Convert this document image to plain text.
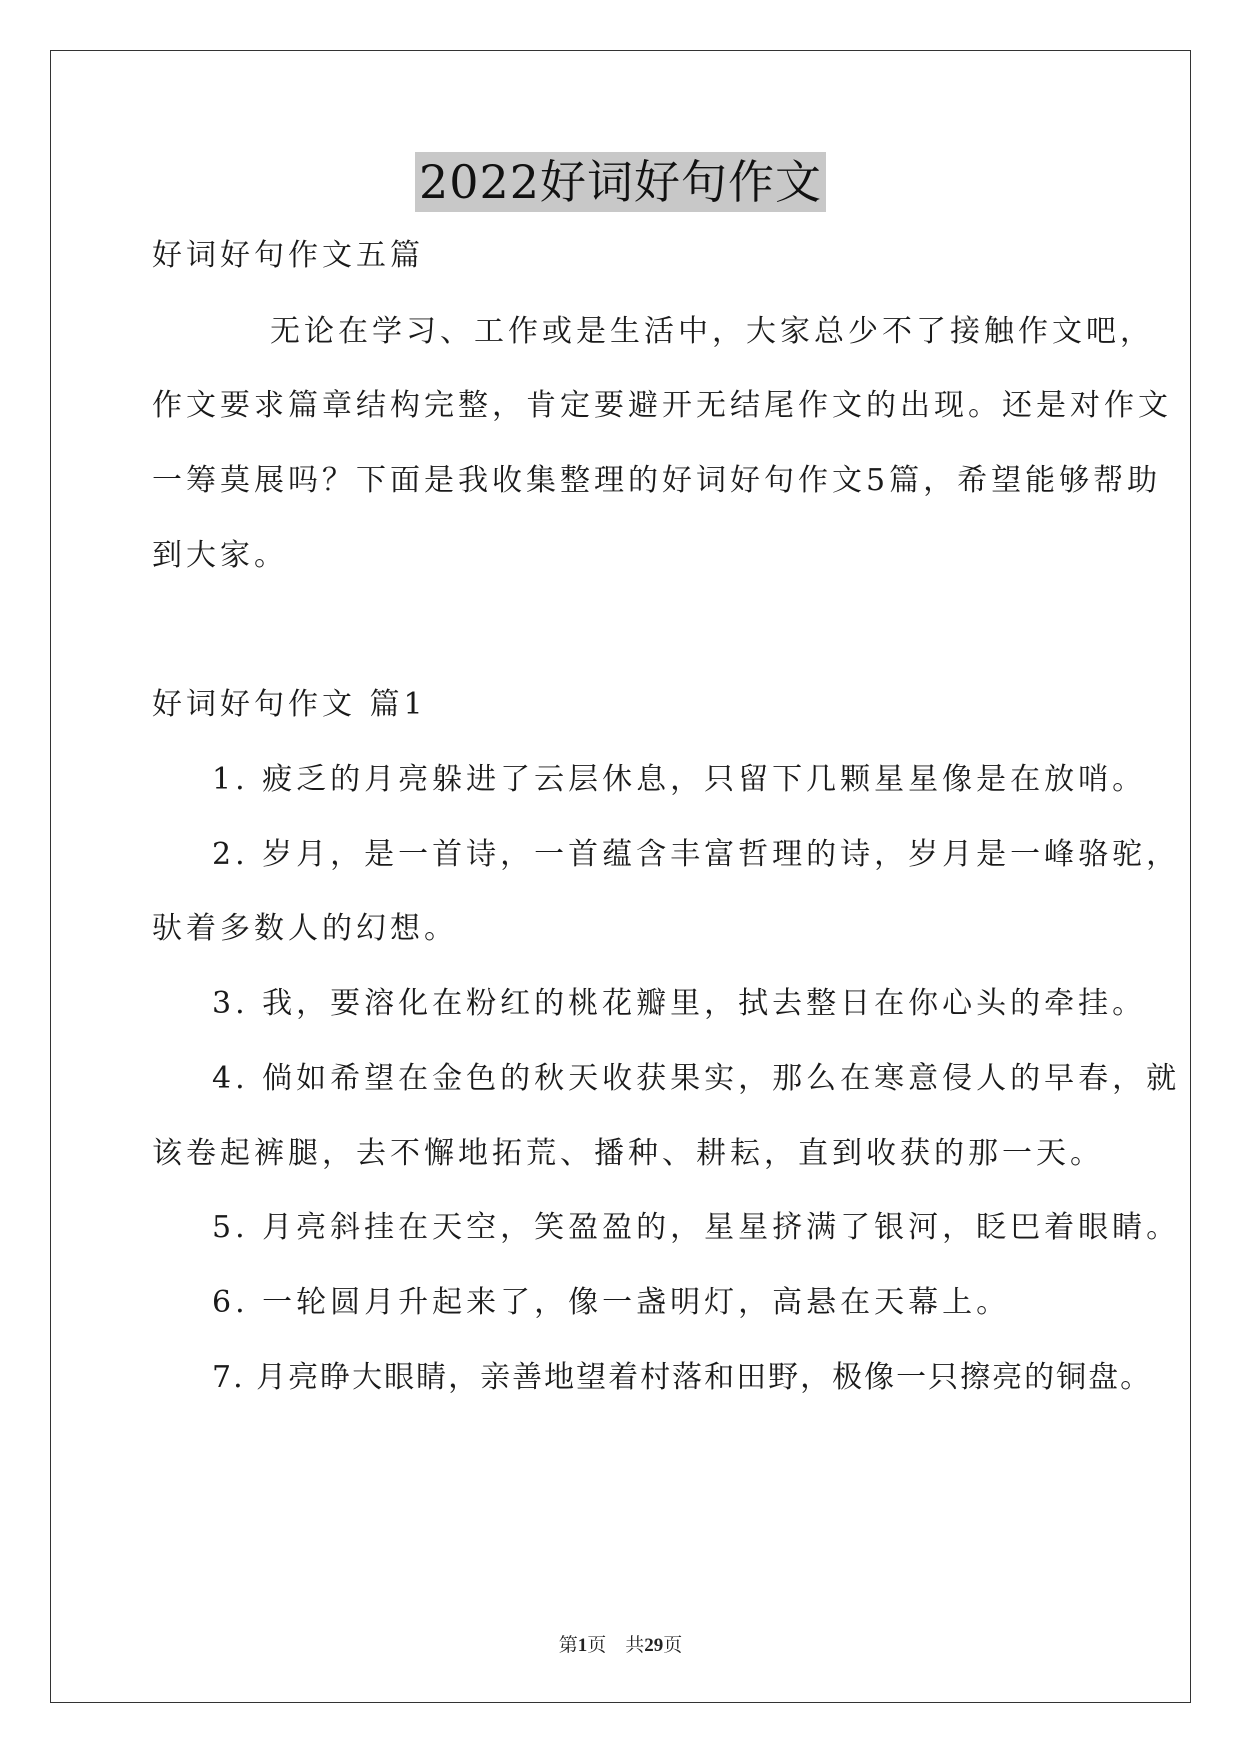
2022好词好句作文
好词好句作文五篇
无论在学习、工作或是生活中，大家总少不了接触作文吧，
作文要求篇章结构完整，肯定要避开无结尾作文的出现。还是对作文
一筹莫展吗？下面是我收集整理的好词好句作文5篇，希望能够帮助
到大家。
好词好句作文 篇1
1. 疲乏的月亮躲进了云层休息，只留下几颗星星像是在放哨。
2. 岁月，是一首诗，一首蕴含丰富哲理的诗，岁月是一峰骆驼，
驮着多数人的幻想。
3. 我，要溶化在粉红的桃花瓣里，拭去整日在你心头的牵挂。
4. 倘如希望在金色的秋天收获果实，那么在寒意侵人的早春，就
该卷起裤腿，去不懈地拓荒、播种、耕耘，直到收获的那一天。
5. 月亮斜挂在天空，笑盈盈的，星星挤满了银河，眨巴着眼睛。
6. 一轮圆月升起来了，像一盏明灯，高悬在天幕上。
7. 月亮睁大眼睛，亲善地望着村落和田野，极像一只擦亮的铜盘。
第1页 共29页
